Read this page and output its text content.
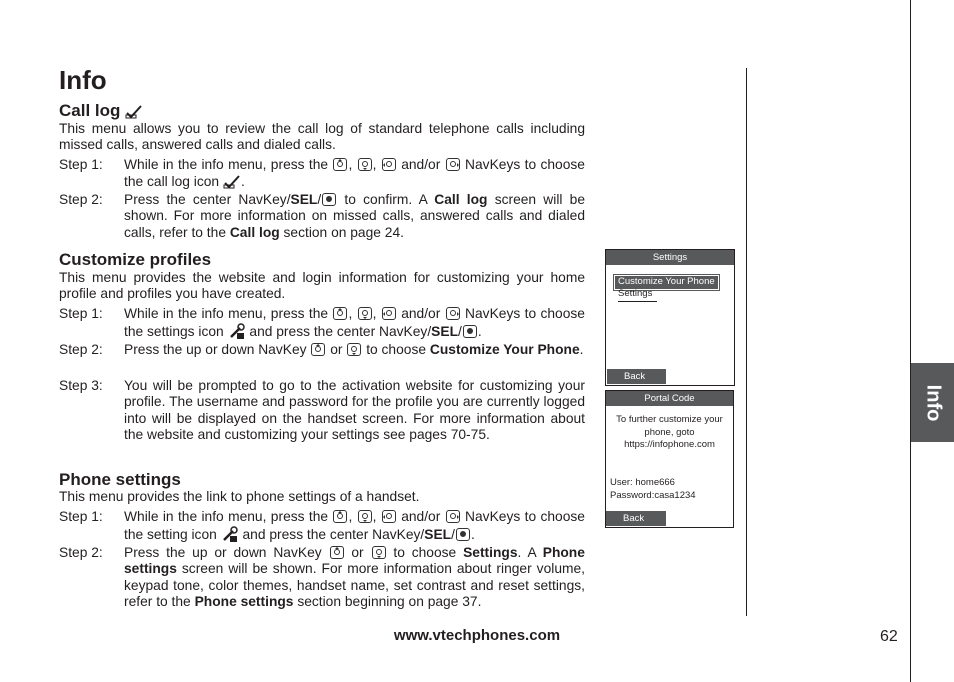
Info
Call log
This menu allows you to review the call log of standard telephone calls including missed calls, answered calls and dialed calls.
Step 1: While in the info menu, press the , ,  and/or NavKeys to choose the call log icon .
Step 2: Press the center NavKey/SEL/ to confirm. A Call log screen will be shown. For more information on missed calls, answered calls and dialed calls, refer to the Call log section on page 24.
Customize profiles
This menu provides the website and login information for customizing your home profile and profiles you have created.
Step 1: While in the info menu, press the , ,  and/or NavKeys to choose the settings icon and press the center NavKey/SEL/ .
Step 2: Press the up or down NavKey or to choose Customize Your Phone.
Step 3: You will be prompted to go to the activation website for customizing your profile. The username and password for the profile you are currently logged into will be displayed on the handset screen. For more information about the website and customizing your settings see pages 70-75.
Phone settings
This menu provides the link to phone settings of a handset.
Step 1: While in the info menu, press the , ,  and/or NavKeys to choose the setting icon and press the center NavKey/SEL/ .
Step 2: Press the up or down NavKey or to choose Settings. A Phone settings screen will be shown. For more information about ringer volume, keypad tone, color themes, handset name, set contrast and reset settings, refer to the Phone settings section beginning on page 37.
Info
Settings
Customize Your Phone
Settings
Back
Portal Code
To further customize your
phone, goto
https://infophone.com
User: home666
Password:casa1234
Back
www.vtechphones.com	62
